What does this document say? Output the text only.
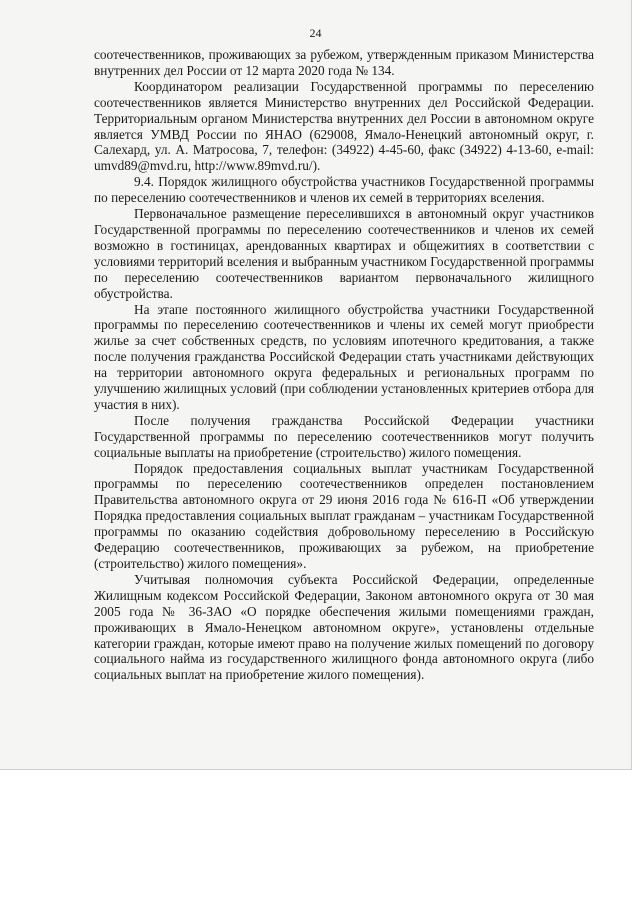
24

соотечественников, проживающих за рубежом, утвержденным приказом Министерства внутренних дел России от 12 марта 2020 года № 134.

Координатором реализации Государственной программы по переселению соотечественников является Министерство внутренних дел Российской Федерации. Территориальным органом Министерства внутренних дел России в автономном округе является УМВД России по ЯНАО (629008, Ямало-Ненецкий автономный округ, г. Салехард, ул. А. Матросова, 7, телефон: (34922) 4-45-60, факс (34922) 4-13-60, e-mail: umvd89@mvd.ru, http://www.89mvd.ru/).

9.4. Порядок жилищного обустройства участников Государственной программы по переселению соотечественников и членов их семей в территориях вселения.

Первоначальное размещение переселившихся в автономный округ участников Государственной программы по переселению соотечественников и членов их семей возможно в гостиницах, арендованных квартирах и общежитиях в соответствии с условиями территорий вселения и выбранным участником Государственной программы по переселению соотечественников вариантом первоначального жилищного обустройства.

На этапе постоянного жилищного обустройства участники Государственной программы по переселению соотечественников и члены их семей могут приобрести жилье за счет собственных средств, по условиям ипотечного кредитования, а также после получения гражданства Российской Федерации стать участниками действующих на территории автономного округа федеральных и региональных программ по улучшению жилищных условий (при соблюдении установленных критериев отбора для участия в них).

После получения гражданства Российской Федерации участники Государственной программы по переселению соотечественников могут получить социальные выплаты на приобретение (строительство) жилого помещения.

Порядок предоставления социальных выплат участникам Государственной программы по переселению соотечественников определен постановлением Правительства автономного округа от 29 июня 2016 года № 616-П «Об утверждении Порядка предоставления социальных выплат гражданам – участникам Государственной программы по оказанию содействия добровольному переселению в Российскую Федерацию соотечественников, проживающих за рубежом, на приобретение (строительство) жилого помещения».

Учитывая полномочия субъекта Российской Федерации, определенные Жилищным кодексом Российской Федерации, Законом автономного округа от 30 мая 2005 года № 36-ЗАО «О порядке обеспечения жилыми помещениями граждан, проживающих в Ямало-Ненецком автономном округе», установлены отдельные категории граждан, которые имеют право на получение жилых помещений по договору социального найма из государственного жилищного фонда автономного округа (либо социальных выплат на приобретение жилого помещения).
